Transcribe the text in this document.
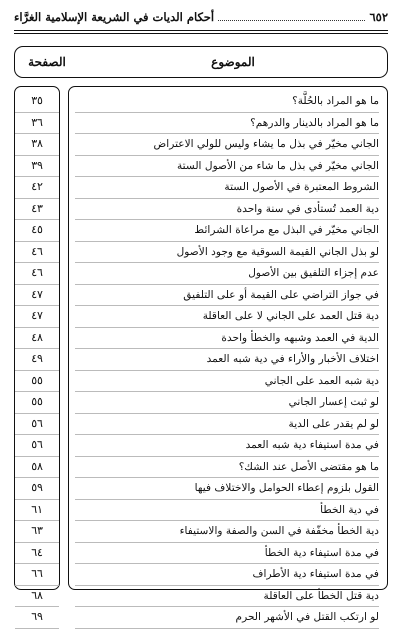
٦٥٢
أحكام الديات في الشريعة الإسلامية الغرَّاء
الموضوع
الصفحة
ما هو المراد بالحُلَّة؟
ما هو المراد بالدينار والدرهم؟
الجاني مخيّر في بذل ما يشاء وليس للولي الاعتراض
الجاني مخيّر في بذل ما شاء من الأصول الستة
الشروط المعتبرة في الأصول الستة
دية العمد تُستأدى في سنة واحدة
الجاني مخيّر في البذل مع مراعاة الشرائط
لو بذل الجاني القيمة السوقية مع وجود الأصول
عدم إجزاء التلفيق بين الأصول
في جواز التراضي على القيمة أو على التلفيق
دية قتل العمد على الجاني لا على العاقلة
الدية في العمد وشبهه والخطأ واحدة
اختلاف الأخبار والأراء في دية شبه العمد
دية شبه العمد على الجاني
لو ثبت إعسار الجاني
لو لم يقدر على الدية
في مدة استيفاء دية شبه العمد
ما هو مقتضى الأصل عند الشك؟
القول بلزوم إعطاء الحوامل والاختلاف فيها
في دية الخطأ
دية الخطأ مخفّفة في السن والصفة والاستيفاء
في مدة استيفاء دية الخطأ
في مدة استيفاء دية الأطراف
دية قتل الخطأ على العاقلة
لو ارتكب القتل في الأشهر الحرم
٣٥
٣٦
٣٨
٣٩
٤٢
٤٣
٤٥
٤٦
٤٦
٤٧
٤٧
٤٨
٤٩
٥٥
٥٥
٥٦
٥٦
٥٨
٥٩
٦١
٦٣
٦٤
٦٦
٦٨
٦٩
